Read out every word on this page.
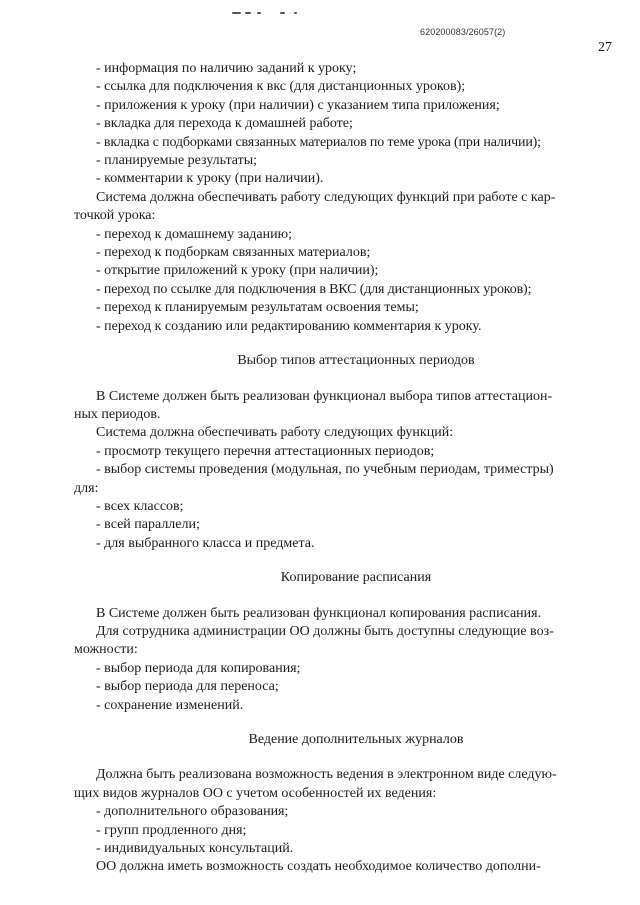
620200083/26057(2)
27
- информация по наличию заданий к уроку;
- ссылка для подключения к вкс (для дистанционных уроков);
- приложения к уроку (при наличии) с указанием типа приложения;
- вкладка для перехода к домашней работе;
- вкладка с подборками связанных материалов по теме урока (при наличии);
- планируемые результаты;
- комментарии к уроку (при наличии).
Система должна обеспечивать работу следующих функций при работе с кар-
точкой урока:
- переход к домашнему заданию;
- переход к подборкам связанных материалов;
- открытие приложений к уроку (при наличии);
- переход по ссылке для подключения в ВКС (для дистанционных уроков);
- переход к планируемым результатам освоения темы;
- переход к созданию или редактированию комментария к уроку.
Выбор типов аттестационных периодов
В Системе должен быть реализован функционал выбора типов аттестацион-
ных периодов.
Система должна обеспечивать работу следующих функций:
- просмотр текущего перечня аттестационных периодов;
- выбор системы проведения (модульная, по учебным периодам, триместры)
для:
- всех классов;
- всей параллели;
- для выбранного класса и предмета.
Копирование расписания
В Системе должен быть реализован функционал копирования расписания.
Для сотрудника администрации ОО должны быть доступны следующие воз-
можности:
- выбор периода для копирования;
- выбор периода для переноса;
- сохранение изменений.
Ведение дополнительных журналов
Должна быть реализована возможность ведения в электронном виде следую-
щих видов журналов ОО с учетом особенностей их ведения:
- дополнительного образования;
- групп продленного дня;
- индивидуальных консультаций.
ОО должна иметь возможность создать необходимое количество дополни-
